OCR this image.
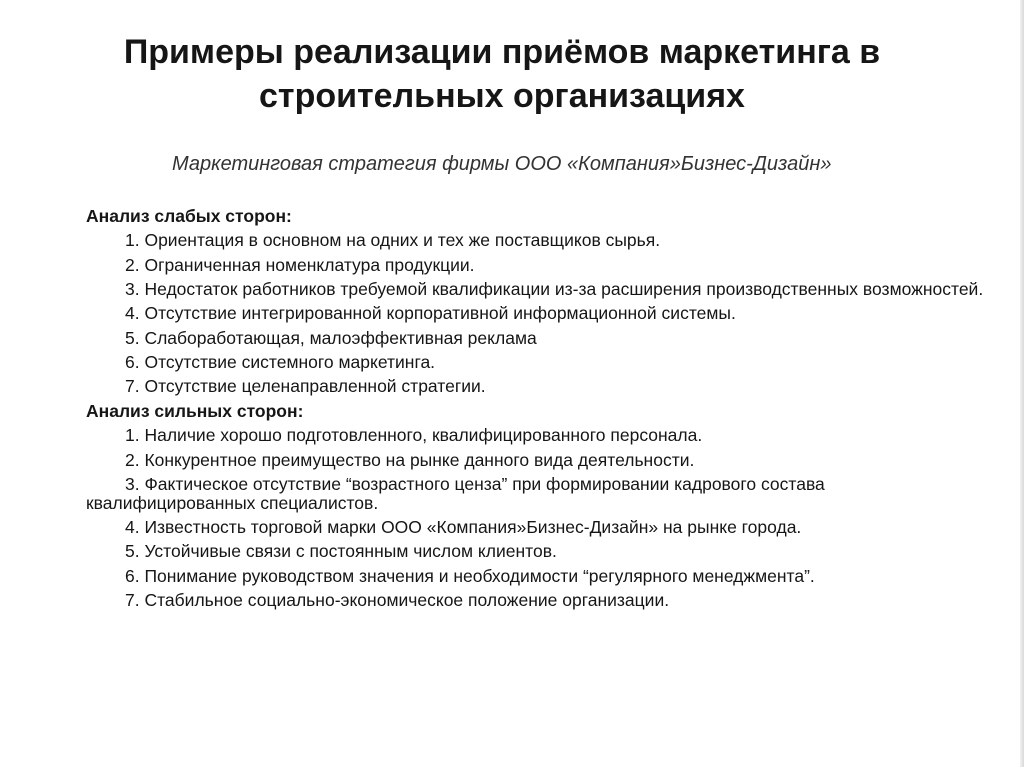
Примеры реализации приёмов маркетинга в
строительных организациях

Маркетинговая стратегия фирмы ООО «Компания»Бизнес-Дизайн»

Анализ слабых сторон:

1. Ориентация в основном на одних и тех же поставщиков сырья.
2. Ограниченная номенклатура продукции.
3. Недостаток работников требуемой квалификации из-за расширения производственных возможностей.
4. Отсутствие интегрированной корпоративной информационной системы.
5. Слабоработающая, малоэффективная реклама
6. Отсутствие системного маркетинга.
7. Отсутствие целенаправленной стратегии.

Анализ сильных сторон:

1. Наличие хорошо подготовленного, квалифицированного персонала.
2. Конкурентное преимущество на рынке данного вида деятельности.
3. Фактическое отсутствие “возрастного ценза” при формировании кадрового состава квалифицированных специалистов.
4. Известность торговой марки ООО «Компания»Бизнес-Дизайн» на рынке города.
5. Устойчивые связи с постоянным числом клиентов.
6. Понимание руководством значения и необходимости “регулярного менеджмента”.
7. Стабильное социально-экономическое положение организации.
